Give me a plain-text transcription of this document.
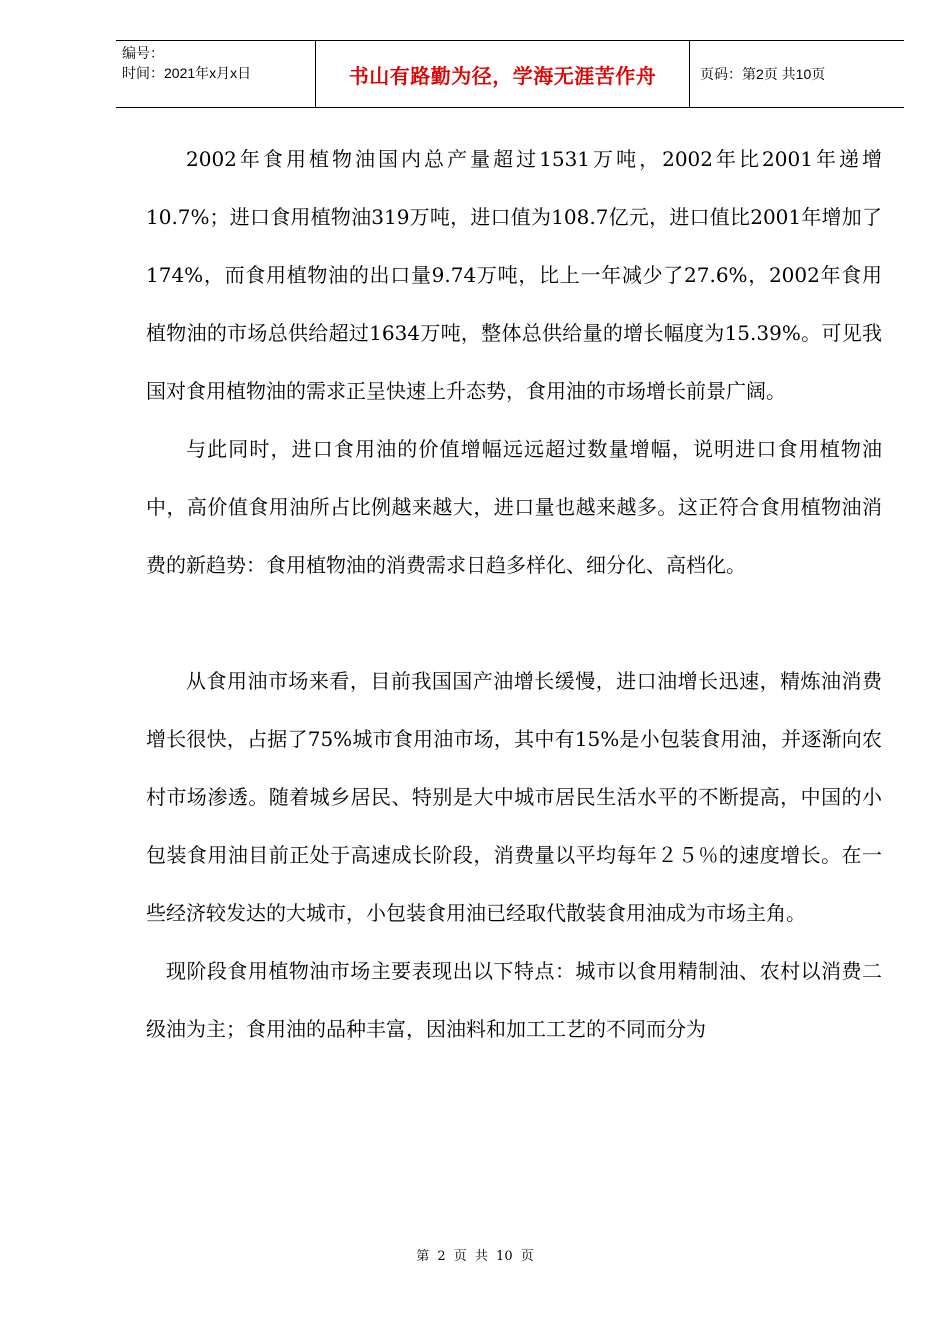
编号：
时间：2021年x月x日	书山有路勤为径，学海无涯苦作舟	页码：第2页 共10页

2002年食用植物油国内总产量超过1531万吨，2002年比2001年递增10.7%；进口食用植物油319万吨，进口值为108.7亿元，进口值比2001年增加了174%，而食用植物油的出口量9.74万吨，比上一年减少了27.6%，2002年食用植物油的市场总供给超过1634万吨，整体总供给量的增长幅度为15.39%。可见我国对食用植物油的需求正呈快速上升态势，食用油的市场增长前景广阔。

与此同时，进口食用油的价值增幅远远超过数量增幅，说明进口食用植物油中，高价值食用油所占比例越来越大，进口量也越来越多。这正符合食用植物油消费的新趋势：食用植物油的消费需求日趋多样化、细分化、高档化。

从食用油市场来看，目前我国国产油增长缓慢，进口油增长迅速，精炼油消费增长很快，占据了75%城市食用油市场，其中有15%是小包装食用油，并逐渐向农村市场渗透。随着城乡居民、特别是大中城市居民生活水平的不断提高，中国的小包装食用油目前正处于高速成长阶段，消费量以平均每年２５％的速度增长。在一些经济较发达的大城市，小包装食用油已经取代散装食用油成为市场主角。

现阶段食用植物油市场主要表现出以下特点：城市以食用精制油、农村以消费二级油为主；食用油的品种丰富，因油料和加工工艺的不同而分为

第 2 页 共 10 页
